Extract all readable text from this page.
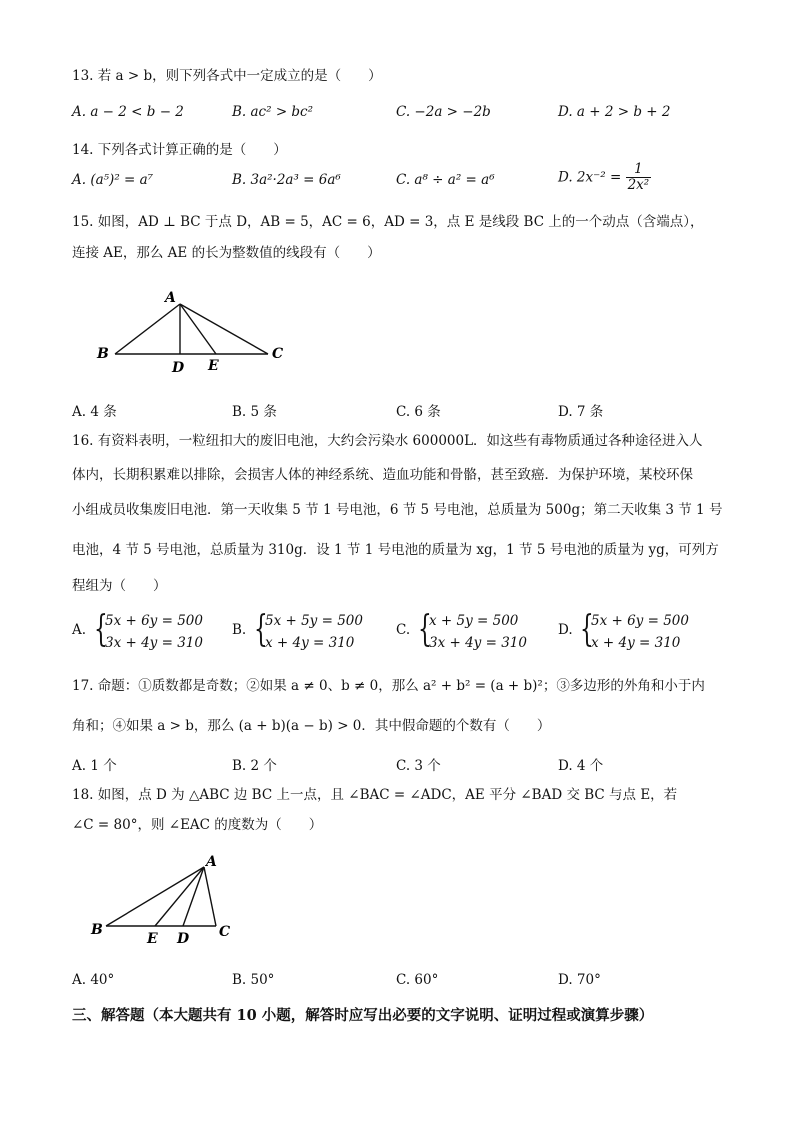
13. 若 a > b，则下列各式中一定成立的是（　　）
A. a − 2 < b − 2	B. ac² > bc²	C. −2a > −2b	D. a + 2 > b + 2
14. 下列各式计算正确的是（　　）
A. (a⁵)² = a⁷	B. 3a²·2a³ = 6a⁶	C. a⁸ ÷ a² = a⁶	D. $2x^{-2} = \frac{1}{\text{2x²}}$
15. 如图，AD ⊥ BC 于点 D，AB = 5，AC = 6，AD = 3，点 E 是线段 BC 上的一个动点（含端点），
连接 AE，那么 AE 的长为整数值的线段有（　　）
A
B	C
D E
A. 4 条	B. 5 条	C. 6 条	D. 7 条
16. 有资料表明，一粒纽扣大的废旧电池，大约会污染水 600000L．如这些有毒物质通过各种途径进入人
体内，长期积累难以排除，会损害人体的神经系统、造血功能和骨骼，甚至致癌．为保护环境，某校环保
小组成员收集废旧电池．第一天收集 5 节 1 号电池，6 节 5 号电池，总质量为 500g；第二天收集 3 节 1 号
电池，4 节 5 号电池，总质量为 310g．设 1 节 1 号电池的质量为 xg，1 节 5 号电池的质量为 yg，可列方
程组为（　　）
A. {
5x + 6y = 500
3x + 4y = 310
B. {
5x + 5y = 500
x + 4y = 310
C. {
x + 5y = 500
3x + 4y = 310
D. {
5x + 6y = 500
x + 4y = 310
17. 命题：①质数都是奇数；②如果 a ≠ 0、b ≠ 0，那么 a² + b² = (a + b)²；③多边形的外角和小于内
角和；④如果 a > b，那么 (a + b)(a − b) > 0．其中假命题的个数有（　　）
A. 1 个	B. 2 个	C. 3 个	D. 4 个
18. 如图，点 D 为 △ABC 边 BC 上一点，且 ∠BAC = ∠ADC，AE 平分 ∠BAD 交 BC 与点 E，若
∠C = 80°，则 ∠EAC 的度数为（　　）
A
B	C
D
E
A. 40°	B. 50°	C. 60°	D. 70°
三、解答题（本大题共有 10 小题，解答时应写出必要的文字说明、证明过程或演算步骤）
